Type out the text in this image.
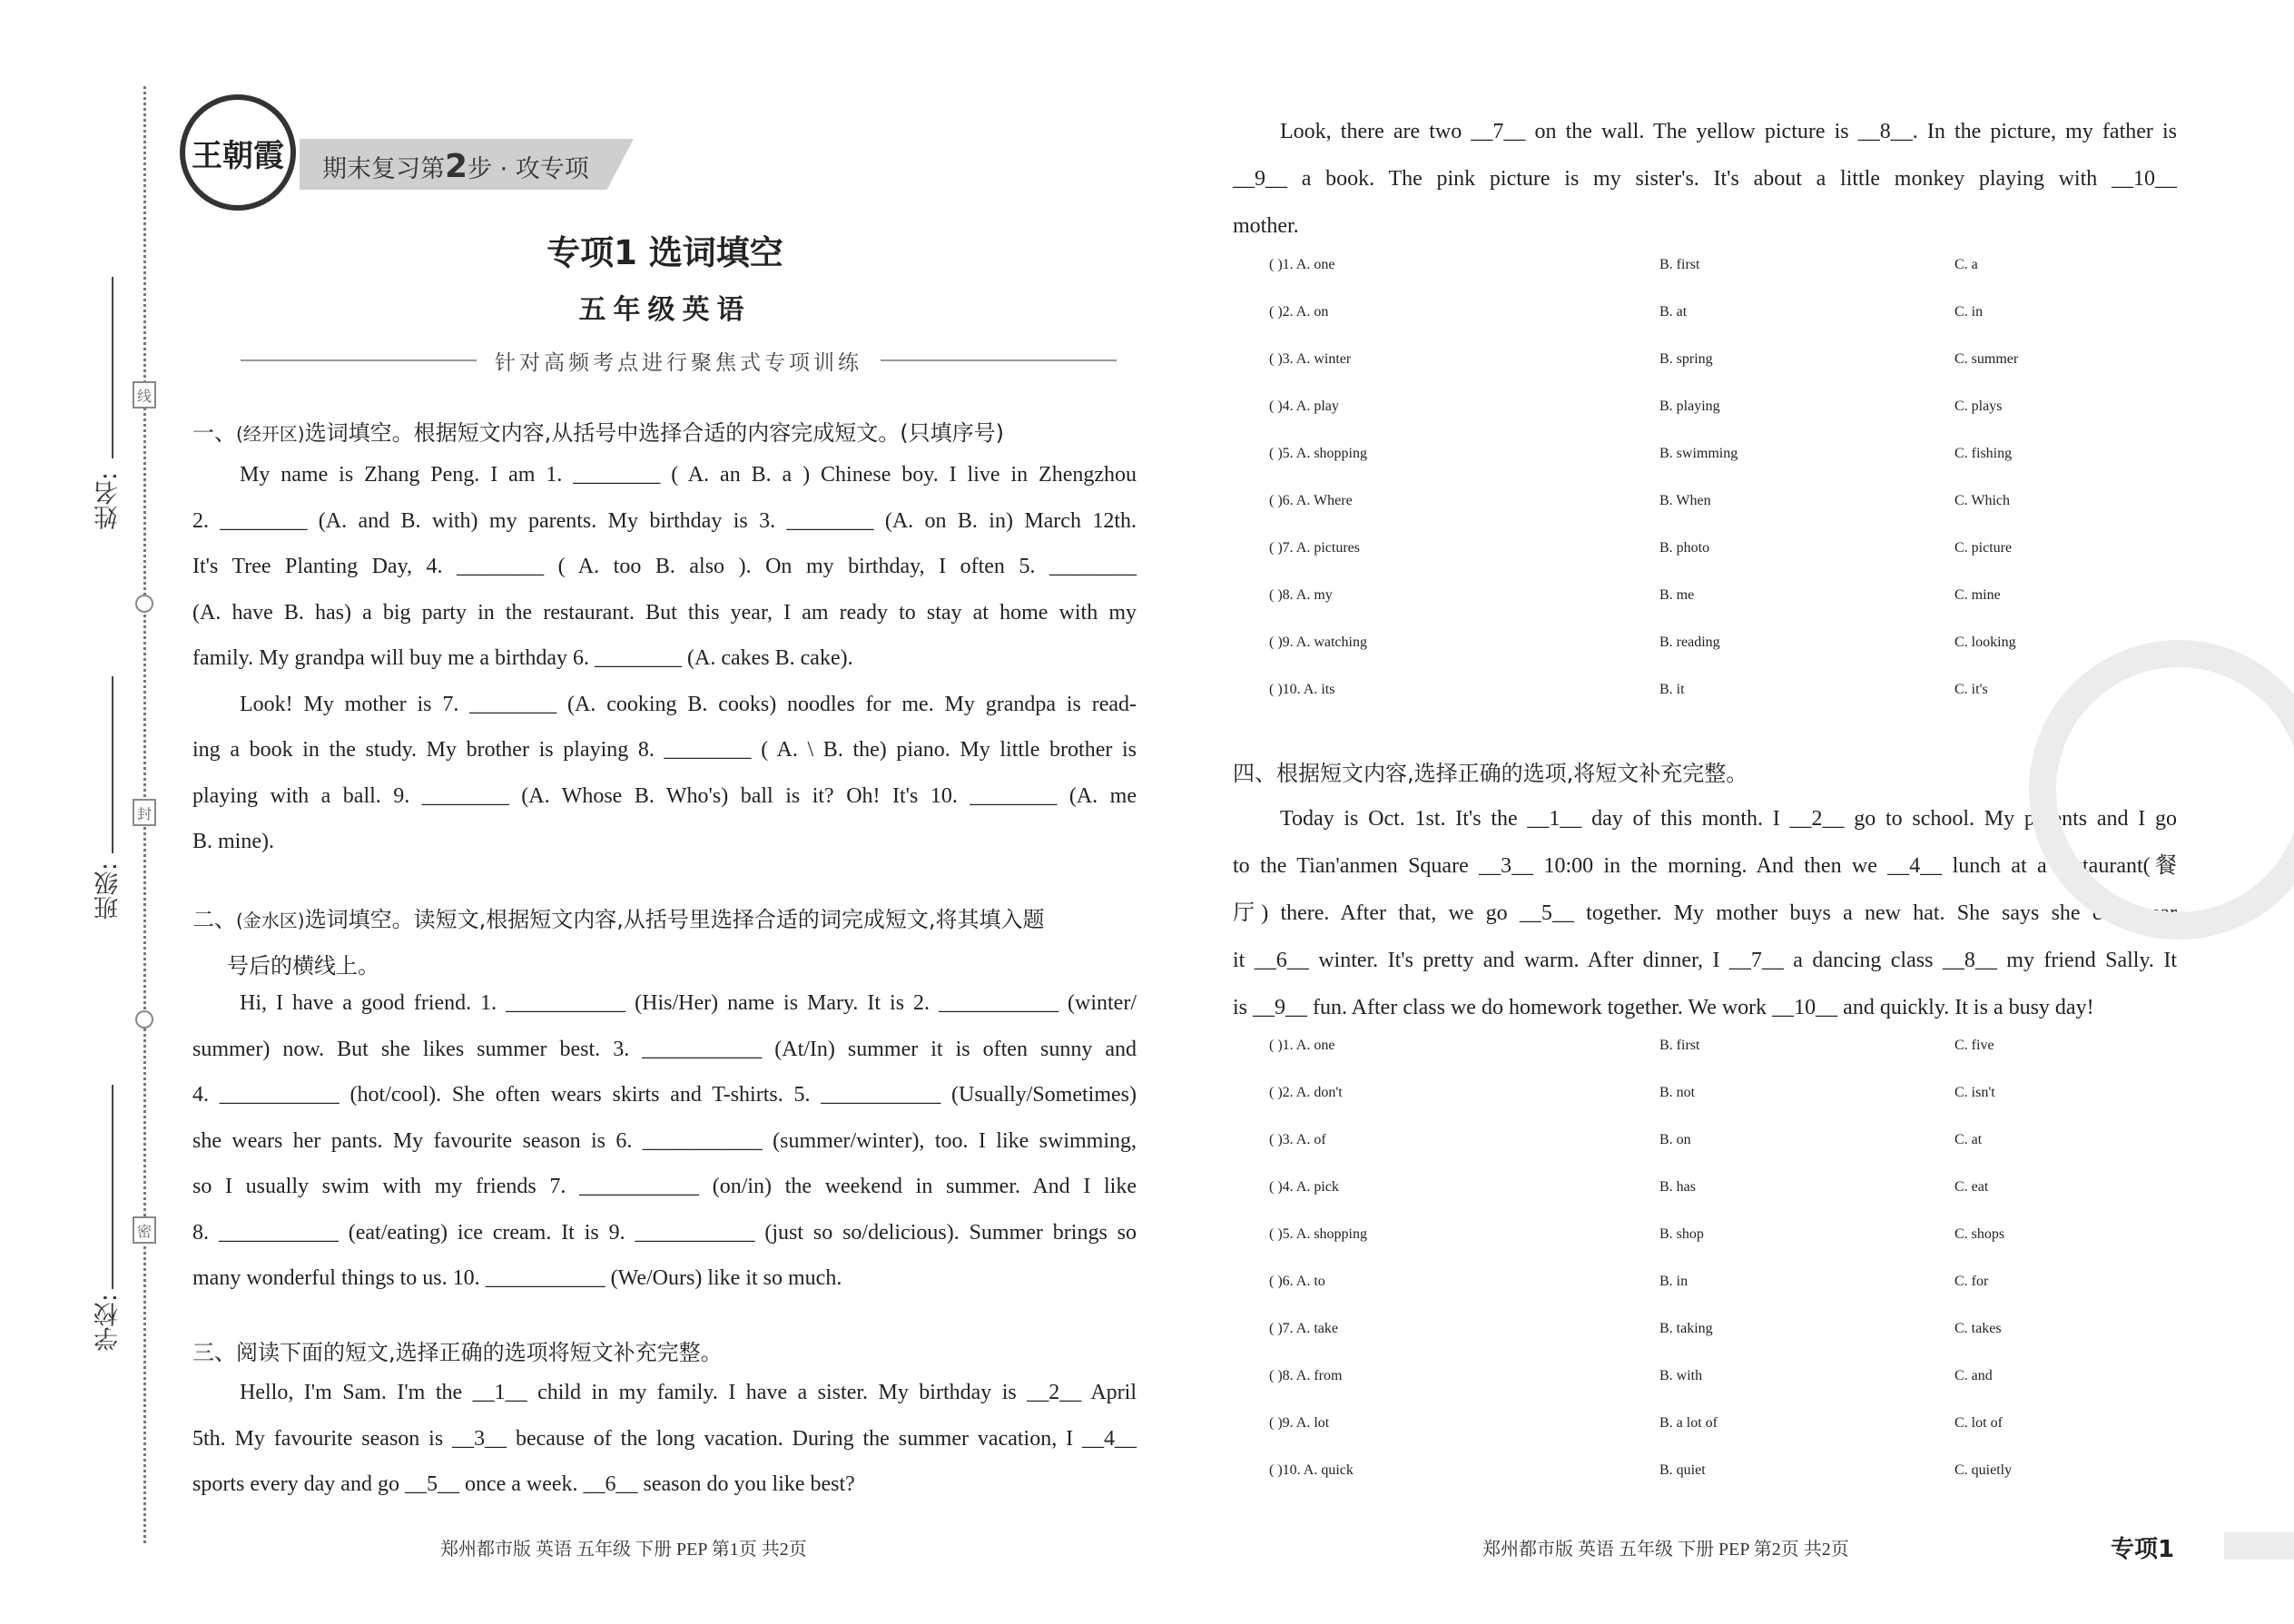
姓名:
班级:
学校:
线
封
密
王朝霞 期末复习第2步 · 攻专项
专项1 选词填空
五年级英语
针对高频考点进行聚焦式专项训练
一、(经开区)选词填空。根据短文内容,从括号中选择合适的内容完成短文。(只填序号)
My name is Zhang Peng. I am 1. ________ ( A. an B. a ) Chinese boy. I live in Zhengzhou
2. ________ (A. and B. with) my parents. My birthday is 3. ________ (A. on B. in) March 12th.
It's Tree Planting Day, 4. ________ ( A. too B. also ). On my birthday, I often 5. ________
(A. have B. has) a big party in the restaurant. But this year, I am ready to stay at home with my
family. My grandpa will buy me a birthday 6. ________ (A. cakes B. cake).
Look! My mother is 7. ________ (A. cooking B. cooks) noodles for me. My grandpa is read-
ing a book in the study. My brother is playing 8. ________ ( A. \ B. the) piano. My little brother is
playing with a ball. 9. ________ (A. Whose B. Who's) ball is it? Oh! It's 10. ________ (A. me
B. mine).
二、(金水区)选词填空。读短文,根据短文内容,从括号里选择合适的词完成短文,将其填入题
号后的横线上。
Hi, I have a good friend. 1. ___________ (His/Her) name is Mary. It is 2. ___________ (winter/
summer) now. But she likes summer best. 3. ___________ (At/In) summer it is often sunny and
4. ___________ (hot/cool). She often wears skirts and T-shirts. 5. ___________ (Usually/Sometimes)
she wears her pants. My favourite season is 6. ___________ (summer/winter), too. I like swimming,
so I usually swim with my friends 7. ___________ (on/in) the weekend in summer. And I like
8. ___________ (eat/eating) ice cream. It is 9. ___________ (just so so/delicious). Summer brings so
many wonderful things to us. 10. ___________ (We/Ours) like it so much.
三、阅读下面的短文,选择正确的选项将短文补充完整。
Hello, I'm Sam. I'm the __1__ child in my family. I have a sister. My birthday is __2__ April
5th. My favourite season is __3__ because of the long vacation. During the summer vacation, I __4__
sports every day and go __5__ once a week. __6__ season do you like best?
Look, there are two __7__ on the wall. The yellow picture is __8__. In the picture, my father is
__9__ a book. The pink picture is my sister's. It's about a little monkey playing with __10__
mother.
( )1. A. one	B. first	C. a
( )2. A. on	B. at	C. in
( )3. A. winter	B. spring	C. summer
( )4. A. play	B. playing	C. plays
( )5. A. shopping	B. swimming	C. fishing
( )6. A. Where	B. When	C. Which
( )7. A. pictures	B. photo	C. picture
( )8. A. my	B. me	C. mine
( )9. A. watching	B. reading	C. looking
( )10. A. its	B. it	C. it's
四、根据短文内容,选择正确的选项,将短文补充完整。
Today is Oct. 1st. It's the __1__ day of this month. I __2__ go to school. My parents and I go
to the Tian'anmen Square __3__ 10:00 in the morning. And then we __4__ lunch at a restaurant(餐
厅) there. After that, we go __5__ together. My mother buys a new hat. She says she can wear
it __6__ winter. It's pretty and warm. After dinner, I __7__ a dancing class __8__ my friend Sally. It
is __9__ fun. After class we do homework together. We work __10__ and quickly. It is a busy day!
( )1. A. one	B. first	C. five
( )2. A. don't	B. not	C. isn't
( )3. A. of	B. on	C. at
( )4. A. pick	B. has	C. eat
( )5. A. shopping	B. shop	C. shops
( )6. A. to	B. in	C. for
( )7. A. take	B. taking	C. takes
( )8. A. from	B. with	C. and
( )9. A. lot	B. a lot of	C. lot of
( )10. A. quick	B. quiet	C. quietly
郑州都市版 英语 五年级 下册 PEP 第1页 共2页	郑州都市版 英语 五年级 下册 PEP 第2页 共2页	专项1
